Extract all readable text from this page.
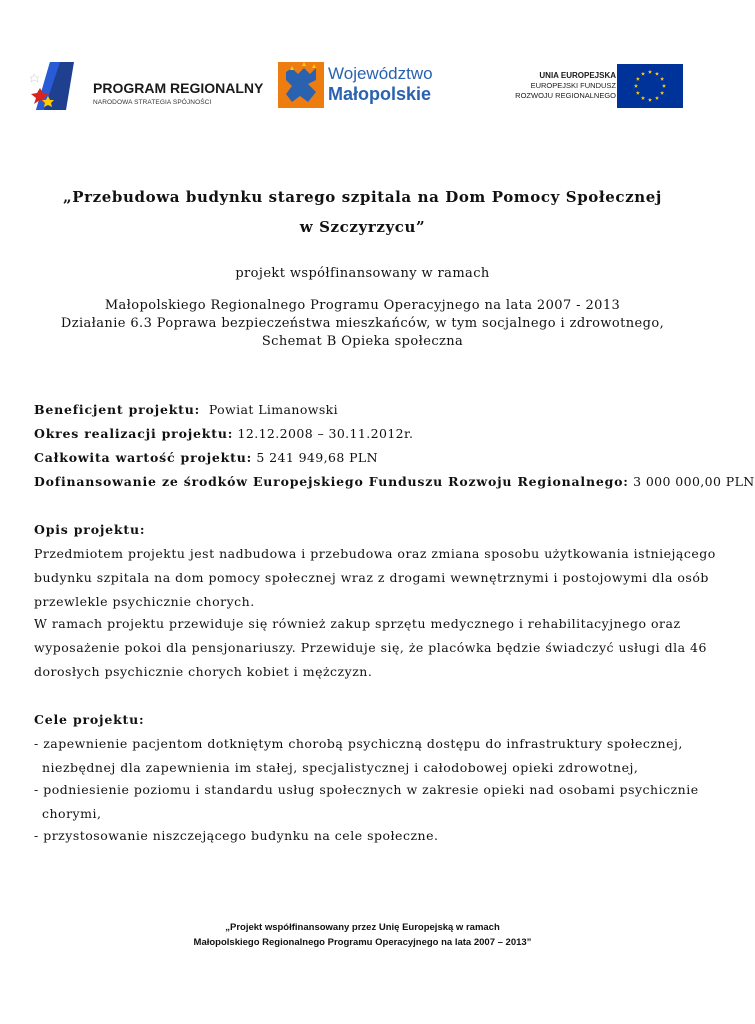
PROGRAM REGIONALNY
NARODOWA STRATEGIA SPÓJNOŚCI
Województwo
Małopolskie
UNIA EUROPEJSKA
EUROPEJSKI FUNDUSZ
ROZWOJU REGIONALNEGO
„Przebudowa budynku starego szpitala na Dom Pomocy Społecznej
w Szczyrzycu”
projekt współfinansowany w ramach
Małopolskiego Regionalnego Programu Operacyjnego na lata 2007 - 2013
Działanie 6.3 Poprawa bezpieczeństwa mieszkańców, w tym socjalnego i zdrowotnego,
Schemat B Opieka społeczna
Beneficjent projektu: Powiat Limanowski
Okres realizacji projektu: 12.12.2008 – 30.11.2012r.
Całkowita wartość projektu: 5 241 949,68 PLN
Dofinansowanie ze środków Europejskiego Funduszu Rozwoju Regionalnego: 3 000 000,00 PLN
Opis projektu:
Przedmiotem projektu jest nadbudowa i przebudowa oraz zmiana sposobu użytkowania istniejącego
budynku szpitala na dom pomocy społecznej wraz z drogami wewnętrznymi i postojowymi dla osób
przewlekle psychicznie chorych.
W ramach projektu przewiduje się również zakup sprzętu medycznego i rehabilitacyjnego oraz
wyposażenie pokoi dla pensjonariuszy. Przewiduje się, że placówka będzie świadczyć usługi dla 46
dorosłych psychicznie chorych kobiet i mężczyzn.
Cele projektu:
- zapewnienie pacjentom dotkniętym chorobą psychiczną dostępu do infrastruktury społecznej,
niezbędnej dla zapewnienia im stałej, specjalistycznej i całodobowej opieki zdrowotnej,
- podniesienie poziomu i standardu usług społecznych w zakresie opieki nad osobami psychicznie
chorymi,
- przystosowanie niszczejącego budynku na cele społeczne.
„Projekt współfinansowany przez Unię Europejską w ramach
Małopolskiego Regionalnego Programu Operacyjnego na lata 2007 – 2013”
